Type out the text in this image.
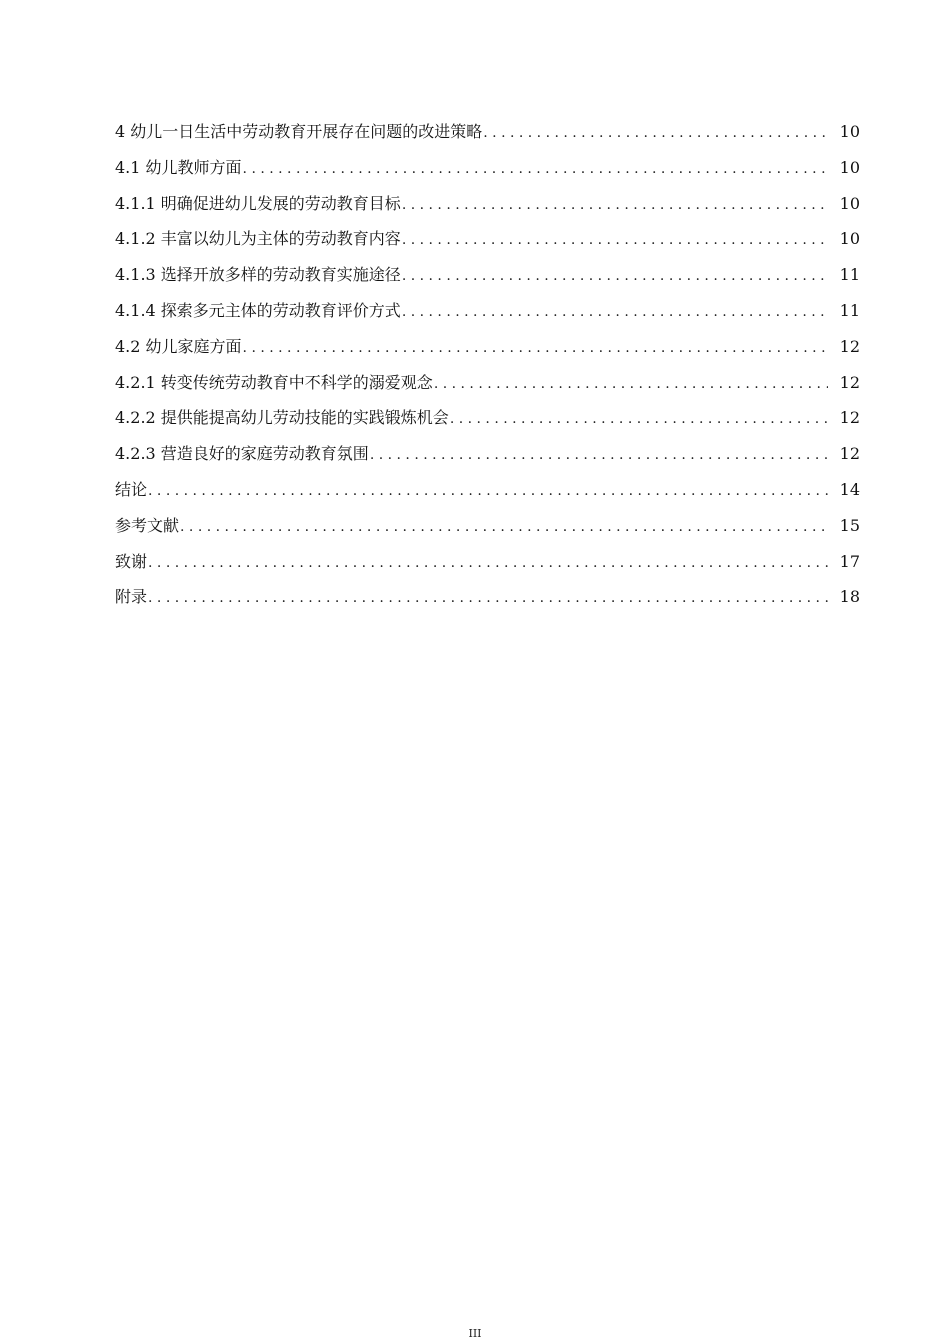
4 幼儿一日生活中劳动教育开展存在问题的改进策略 . . .	10
4.1 幼儿教师方面 . . .	10
4.1.1 明确促进幼儿发展的劳动教育目标 . . .	10
4.1.2 丰富以幼儿为主体的劳动教育内容 . . .	10
4.1.3 选择开放多样的劳动教育实施途径 . . .	11
4.1.4 探索多元主体的劳动教育评价方式 . . .	11
4.2 幼儿家庭方面 . . .	12
4.2.1 转变传统劳动教育中不科学的溺爱观念 . . .	12
4.2.2 提供能提高幼儿劳动技能的实践锻炼机会 . . .	12
4.2.3 营造良好的家庭劳动教育氛围 . . .	12
结论 . . .	14
参考文献 . . .	15
致谢 . . .	17
附录 . . .	18
III
